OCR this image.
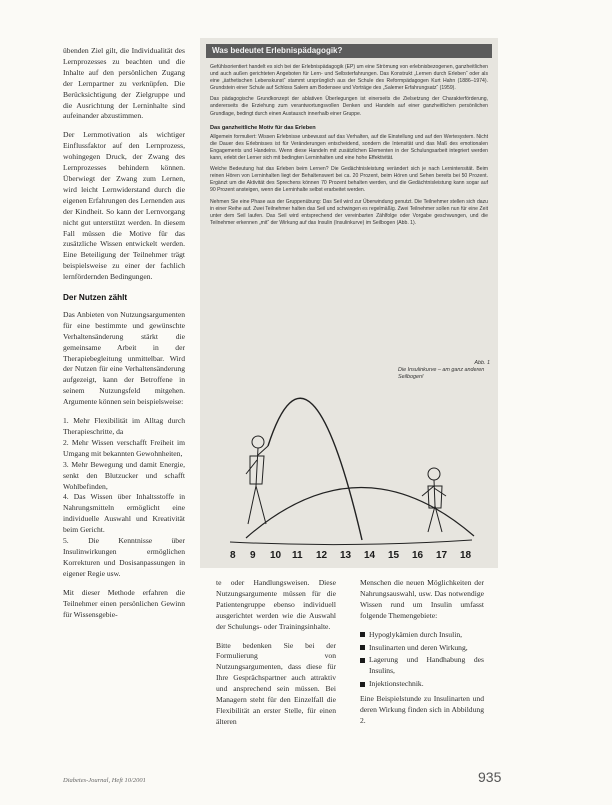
übenden Ziel gilt, die Individualität des Lernprozesses zu beachten und die Inhalte auf den persönlichen Zugang der Lernpartner zu verknüpfen. Die Berücksichtigung der Zielgruppe und die Ausrichtung der Lerninhalte sind aufeinander abzustimmen.

Der Lernmotivation als wichtiger Einflussfaktor auf den Lernprozess, wohingegen Druck, der Zwang des Lernprozesses behindern können. Überwiegt der Zwang zum Lernen, wird leicht Lernwiderstand durch die eigenen Erfahrungen des Lernenden aus der Kindheit. So kann der Lernvorgang nicht gut unterstützt werden. In diesem Fall müssen die Motive für das zusätzliche Wissen entwickelt werden. Eine Beteiligung der Teilnehmer trägt beispielsweise zu einer der fachlich lernfördernden Bedingungen.

Der Nutzen zählt

Das Anbieten von Nutzungsargumenten für eine bestimmte und gewünschte Verhaltensänderung stärkt die gemeinsame Arbeit in der Therapiebegleitung unmittelbar. Wird der Nutzen für eine Verhaltensänderung aufgezeigt, kann der Betroffene in seinem Nutzungsfeld mitgehen. Argumente können sein beispielsweise:

1. Mehr Flexibilität im Alltag durch Therapieschritte, da
2. Mehr Wissen verschafft Freiheit im Umgang mit bekannten Gewohnheiten,
3. Mehr Bewegung und damit Energie, senkt den Blutzucker und schafft Wohlbefinden,
4. Das Wissen über Inhaltsstoffe in Nahrungsmitteln ermöglicht eine individuelle Auswahl und Kreativität beim Gericht.
5. Die Kenntnisse über Insulinwirkungen ermöglichen Korrekturen und Dosisanpassungen in eigener Regie usw.

Mit dieser Methode erfahren die Teilnehmer einen persönlichen Gewinn für Wissensgebie-

Was bedeutet Erlebnispädagogik?

Gefühlsorientiert handelt es sich bei der Erlebnispädagogik (EP) um eine Strömung von erlebnisbezogenen, ganzheitlichen und auch außen gerichteten Angeboten für Lern- und Selbsterfahrungen. Das Konstrukt „Lernen durch Erleben“ oder als eine „ästhetischen Lebenskunst“ stammt ursprünglich aus der Schule des Reformpädagogen Kurt Hahn (1886–1974). Grundstein einer Schule auf Schloss Salem am Bodensee und Vorträge des „Salemer Erfahrungsatz“ (1959).

Das pädagogische Grundkonzept der ablativen Überlegungen ist einerseits die Zielsetzung der Charakterförderung, andererseits die Erziehung zum verantwortungsvollen Denken und Handeln auf einer ganzheitlichen persönlichen Grundlage, bedingt durch einen Austausch innerhalb einer Gruppe.

Das ganzheitliche Motiv für das Erleben

Allgemein formuliert: Wissen Erlebnisse unbewusst auf das Verhalten, auf die Einstellung und auf den Wertesystem. Nicht die Dauer des Erlebnisses ist für Veränderungen entscheidend, sondern die Intensität und das Maß des emotionalen Engagements und Handelns. Wenn diese Handeln mit zusätzlichen Elementen in der Schulungsarbeit integriert werden kann, erlebt der Lerner sich mit bedingten Lerninhalten und eine hohe Effektivität.

Welche Bedeutung hat das Erleben beim Lernen? Die Gedächtnisleistung verändert sich je nach Lernintensität. Beim reinen Hören von Lerninhalten liegt der Behaltenswert bei ca. 20 Prozent, beim Hören und Sehen bereits bei 50 Prozent. Ergänzt um die Aktivität des Sprechens können 70 Prozent behalten werden, und die Gedächtnisleistung kann sogar auf 90 Prozent ansteigen, wenn die Lerninhalte selbst erarbeitet werden.

Nehmen Sie eine Phase aus der Gruppenübung: Das Seil wird zur Überwindung genutzt. Die Teilnehmer stellen sich dazu in einer Reihe auf. Zwei Teilnehmer halten das Seil und schwingen es regelmäßig. Zwei Teilnehmer sollen nun für eine Zeit unter dem Seil laufen. Das Seil wird entsprechend der vereinbarten Zählfolge oder Vorgabe geschwungen, und die Teilnehmer erkennen „mit“ der Wirkung auf das Insulin (Insulinkurve) im Seilbogen (Abb. 1).

Abb. 1
Die Insulinkurve – am ganz anderen Seilbogen!
8 9 10 11 12 13 14 15 16 17 18

te oder Handlungsweisen. Diese Nutzungsargumente müssen für die Patientengruppe ebenso individuell ausgerichtet werden wie die Auswahl der Schulungs- oder Trainingsinhalte.

Bitte bedenken Sie bei der Formulierung von Nutzungsargumenten, dass diese für Ihre Gesprächspartner auch attraktiv und ansprechend sein müssen. Bei Managern steht für den Einzelfall die Flexibilität an erster Stelle, für einen älteren

Menschen die neuen Möglichkeiten der Nahrungsauswahl, usw. Das notwendige Wissen rund um Insulin umfasst folgende Themengebiete:

Hypoglykämien durch Insulin,
Insulinarten und deren Wirkung,
Lagerung und Handhabung des Insulins,
Injektionstechnik.

Eine Beispielstunde zu Insulinarten und deren Wirkung finden sich in Abbildung 2.

Diabetes-Journal, Heft 10/2001	935
